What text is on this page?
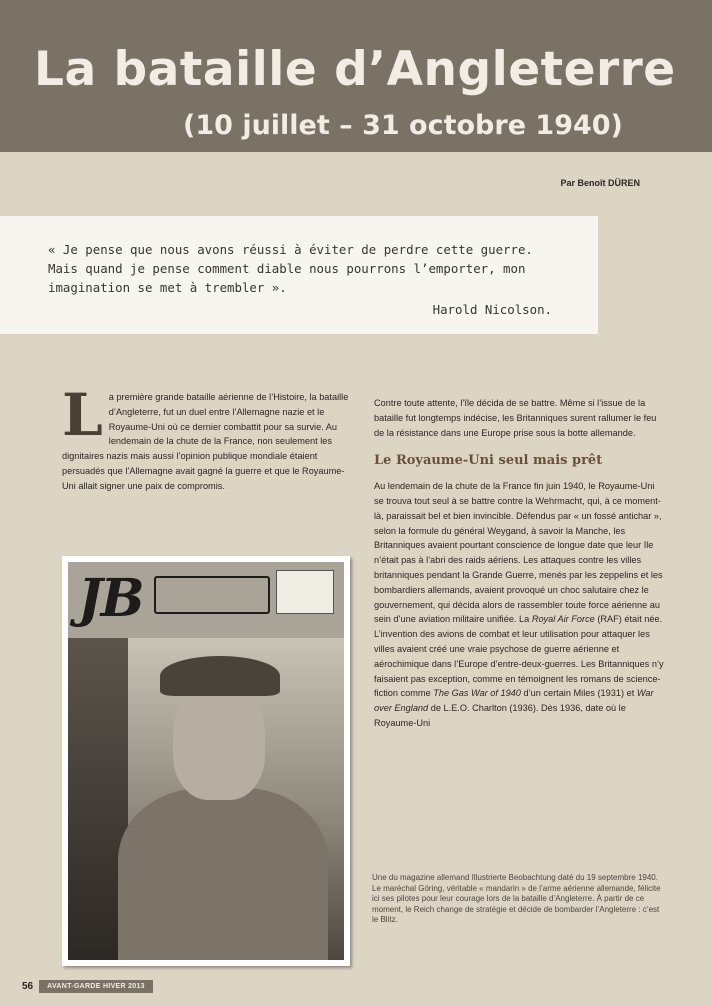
La bataille d’Angleterre
(10 juillet – 31 octobre 1940)
Par Benoît DÜREN
« Je pense que nous avons réussi à éviter de perdre cette guerre. Mais quand je pense comment diable nous pourrons l’emporter, mon imagination se met à trembler ».
Harold Nicolson.
L a première grande bataille aérienne de l’Histoire, la bataille d’Angleterre, fut un duel entre l’Allemagne nazie et le Royaume-Uni où ce dernier combattit pour sa survie. Au lendemain de la chute de la France, non seulement les dignitaires nazis mais aussi l’opinion publique mondiale étaient persuadés que l’Allemagne avait gagné la guerre et que le Royaume-Uni allait signer une paix de compromis.

Contre toute attente, l’île décida de se battre. Même si l’issue de la bataille fut longtemps indécise, les Britanniques surent rallumer le feu de la résistance dans une Europe prise sous la botte allemande.

Le Royaume-Uni seul mais prêt

Au lendemain de la chute de la France fin juin 1940, le Royaume-Uni se trouva tout seul à se battre contre la Wehrmacht, qui, à ce moment-là, paraissait bel et bien invincible. Défendus par « un fossé antichar », selon la formule du général Weygand, à savoir la Manche, les Britanniques avaient pourtant conscience de longue date que leur île n’était pas à l’abri des raids aériens. Les attaques contre les villes britanniques pendant la Grande Guerre, menés par les zeppelins et les bombardiers allemands, avaient provoqué un choc salutaire chez le gouvernement, qui décida alors de rassembler toute force aérienne au sein d’une aviation militaire unifiée. La Royal Air Force (RAF) était née. L’invention des avions de combat et leur utilisation pour attaquer les villes avaient créé une vraie psychose de guerre aérienne et aérochimique dans l’Europe d’entre-deux-guerres. Les Britanniques n’y faisaient pas exception, comme en témoignent les romans de science-fiction comme The Gas War of 1940 d’un certain Miles (1931) et War over England de L.E.O. Charlton (1936). Dès 1936, date où le Royaume-Uni

JB
Une du magazine allemand Illustrierte Beobachtung daté du 19 septembre 1940. Le maréchal Göring, véritable « mandarin » de l’arme aérienne allemande, félicite ici ses pilotes pour leur courage lors de la bataille d’Angleterre. À partir de ce moment, le Reich change de stratégie et décide de bombarder l’Angleterre : c’est le Blitz.
56	AVANT-GARDE HIVER 2013
